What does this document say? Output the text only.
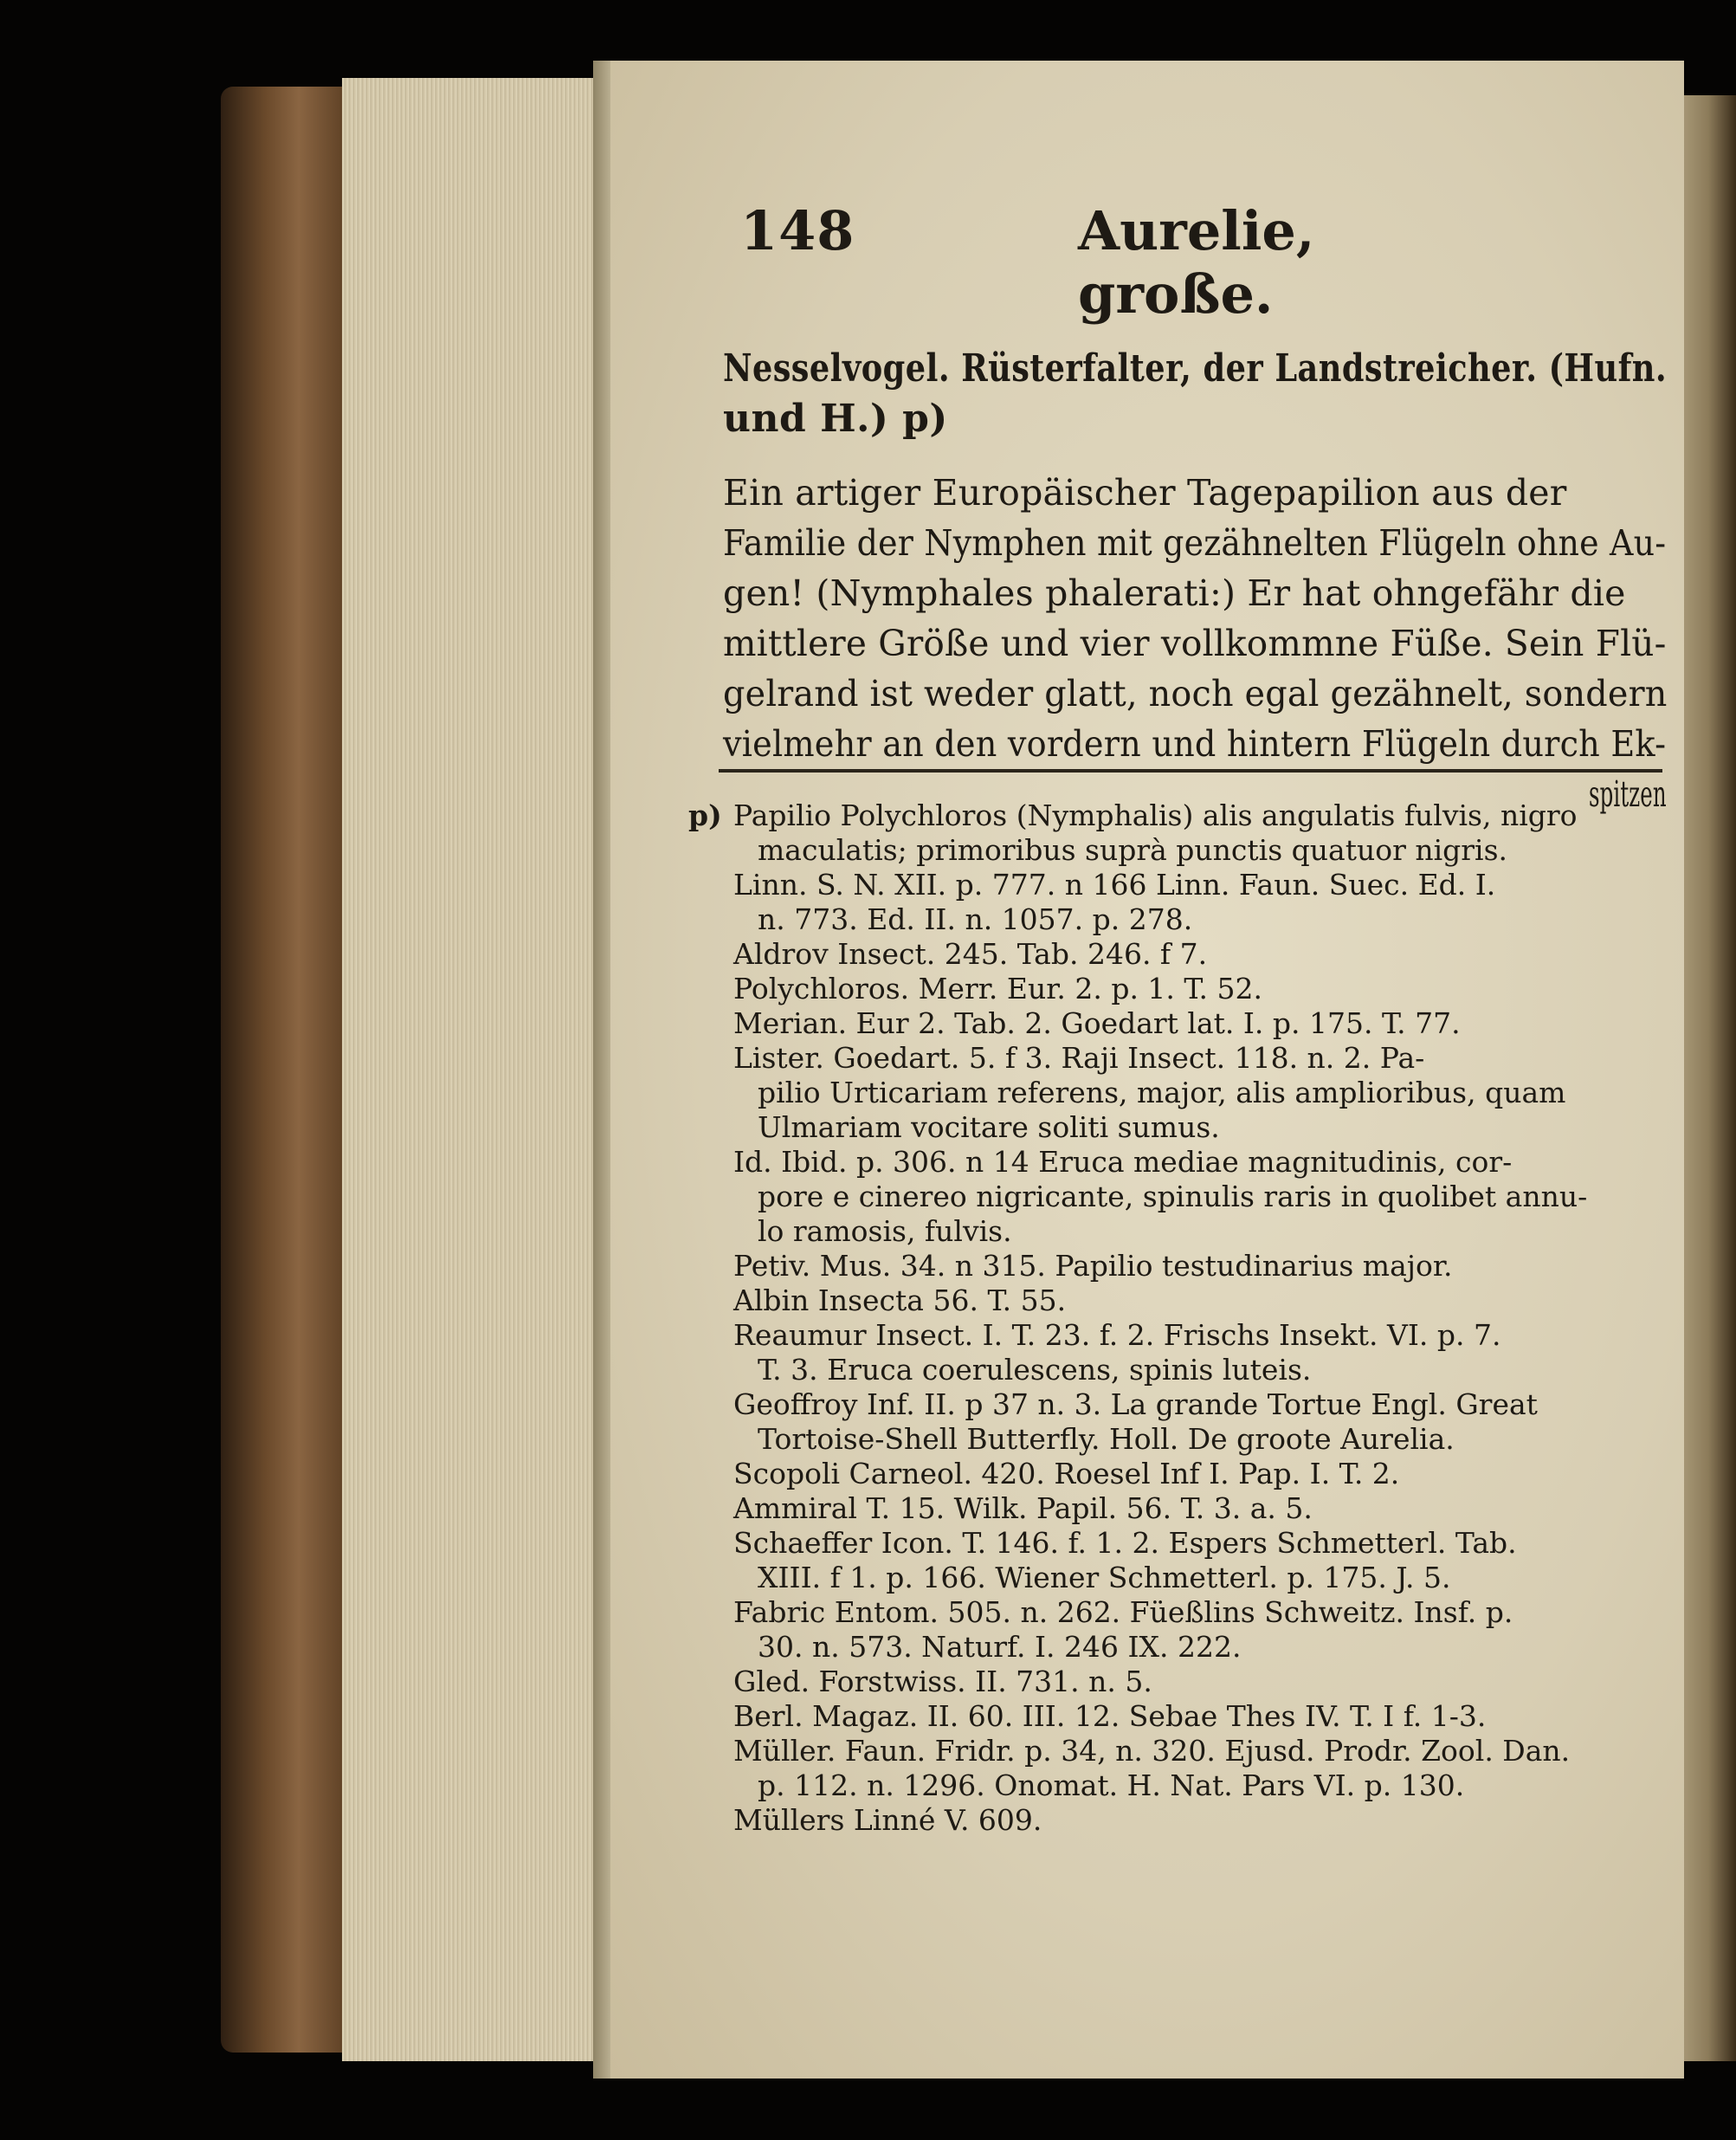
148	Aurelie, große.
Nesselvogel. Rüsterfalter, der Landstreicher. (Hufn.
und H.) p)
Ein artiger Europäischer Tagepapilion aus der
Familie der Nymphen mit gezähnelten Flügeln ohne Au-
gen! (Nymphales phalerati:) Er hat ohngefähr die
mittlere Größe und vier vollkommne Füße. Sein Flü-
gelrand ist weder glatt, noch egal gezähnelt, sondern
vielmehr an den vordern und hintern Flügeln durch Ek-
spitzen
p) Papilio Polychloros (Nymphalis) alis angulatis fulvis, nigro
maculatis; primoribus suprà punctis quatuor nigris.
Linn. S. N. XII. p. 777. n 166 Linn. Faun. Suec. Ed. I.
n. 773. Ed. II. n. 1057. p. 278.
Aldrov Insect. 245. Tab. 246. f 7.
Polychloros. Merr. Eur. 2. p. 1. T. 52.
Merian. Eur 2. Tab. 2. Goedart lat. I. p. 175. T. 77.
Lister. Goedart. 5. f 3. Raji Insect. 118. n. 2. Pa-
pilio Urticariam referens, major, alis amplioribus, quam
Ulmariam vocitare soliti sumus.
Id. Ibid. p. 306. n 14 Eruca mediae magnitudinis, cor-
pore e cinereo nigricante, spinulis raris in quolibet annu-
lo ramosis, fulvis.
Petiv. Mus. 34. n 315. Papilio testudinarius major.
Albin Insecta 56. T. 55.
Reaumur Insect. I. T. 23. f. 2. Frischs Insekt. VI. p. 7.
T. 3. Eruca coerulescens, spinis luteis.
Geoffroy Inf. II. p 37 n. 3. La grande Tortue Engl. Great
Tortoise-Shell Butterfly. Holl. De groote Aurelia.
Scopoli Carneol. 420. Roesel Inf I. Pap. I. T. 2.
Ammiral T. 15. Wilk. Papil. 56. T. 3. a. 5.
Schaeffer Icon. T. 146. f. 1. 2. Espers Schmetterl. Tab.
XIII. f 1. p. 166. Wiener Schmetterl. p. 175. J. 5.
Fabric Entom. 505. n. 262. Füeßlins Schweitz. Insf. p.
30. n. 573. Naturf. I. 246 IX. 222.
Gled. Forstwiss. II. 731. n. 5.
Berl. Magaz. II. 60. III. 12. Sebae Thes IV. T. I f. 1-3.
Müller. Faun. Fridr. p. 34, n. 320. Ejusd. Prodr. Zool. Dan.
p. 112. n. 1296. Onomat. H. Nat. Pars VI. p. 130.
Müllers Linné V. 609.
